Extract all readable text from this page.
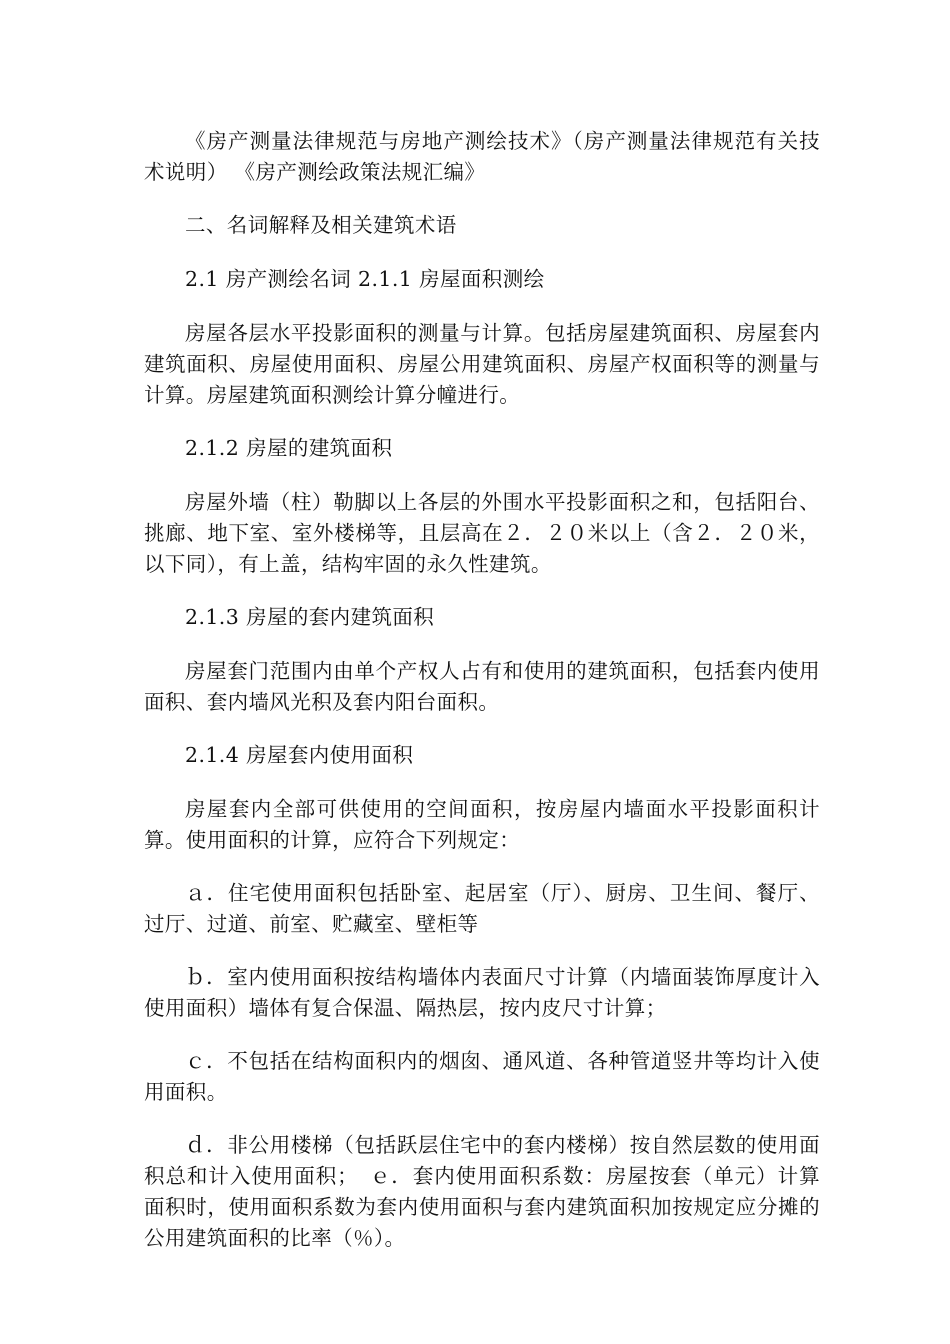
《房产测量法律规范与房地产测绘技术》（房产测量法律规范有关技术说明） 《房产测绘政策法规汇编》

二、名词解释及相关建筑术语

2.1 房产测绘名词 2.1.1 房屋面积测绘

房屋各层水平投影面积的测量与计算。包括房屋建筑面积、房屋套内建筑面积、房屋使用面积、房屋公用建筑面积、房屋产权面积等的测量与计算。房屋建筑面积测绘计算分幢进行。

2.1.2 房屋的建筑面积

房屋外墙（柱）勒脚以上各层的外围水平投影面积之和，包括阳台、挑廊、地下室、室外楼梯等，且层高在２．２０米以上（含２．２０米，以下同），有上盖，结构牢固的永久性建筑。

2.1.3 房屋的套内建筑面积

房屋套门范围内由单个产权人占有和使用的建筑面积，包括套内使用面积、套内墙风光积及套内阳台面积。

2.1.4 房屋套内使用面积

房屋套内全部可供使用的空间面积，按房屋内墙面水平投影面积计算。使用面积的计算，应符合下列规定：

ａ．住宅使用面积包括卧室、起居室（厅）、厨房、卫生间、餐厅、过厅、过道、前室、贮藏室、壁柜等

ｂ．室内使用面积按结构墙体内表面尺寸计算（内墙面装饰厚度计入使用面积）墙体有复合保温、隔热层，按内皮尺寸计算；

ｃ．不包括在结构面积内的烟囱、通风道、各种管道竖井等均计入使用面积。

ｄ．非公用楼梯（包括跃层住宅中的套内楼梯）按自然层数的使用面积总和计入使用面积；　ｅ．套内使用面积系数：房屋按套（单元）计算面积时，使用面积系数为套内使用面积与套内建筑面积加按规定应分摊的公用建筑面积的比率（％）。
